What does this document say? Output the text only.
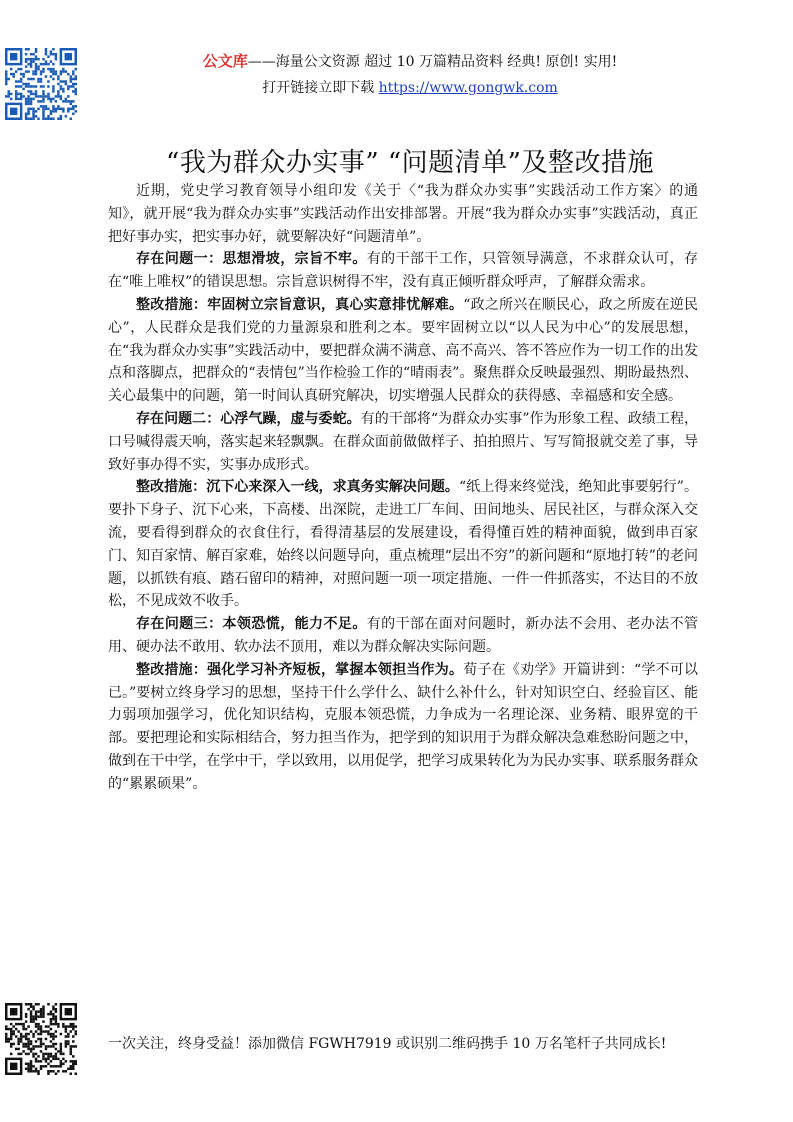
公文库——海量公文资源 超过 10 万篇精品资料 经典! 原创! 实用!
打开链接立即下载 https://www.gongwk.com
“我为群众办实事” “问题清单”及整改措施

近期，党史学习教育领导小组印发《关于〈“我为群众办实事”实践活动工作方案〉的通知》，就开展“我为群众办实事”实践活动作出安排部署。开展“我为群众办实事”实践活动，真正把好事办实，把实事办好，就要解决好“问题清单”。

存在问题一：思想滑坡，宗旨不牢。有的干部干工作，只管领导满意，不求群众认可，存在“唯上唯权”的错误思想。宗旨意识树得不牢，没有真正倾听群众呼声，了解群众需求。

整改措施：牢固树立宗旨意识，真心实意排忧解难。“政之所兴在顺民心，政之所废在逆民心”，人民群众是我们党的力量源泉和胜利之本。要牢固树立以“以人民为中心”的发展思想，在“我为群众办实事”实践活动中，要把群众满不满意、高不高兴、答不答应作为一切工作的出发点和落脚点，把群众的“表情包”当作检验工作的“晴雨表”。聚焦群众反映最强烈、期盼最热烈、关心最集中的问题，第一时间认真研究解决，切实增强人民群众的获得感、幸福感和安全感。

存在问题二：心浮气躁，虚与委蛇。有的干部将“为群众办实事”作为形象工程、政绩工程，口号喊得震天响，落实起来轻飘飘。在群众面前做做样子、拍拍照片、写写简报就交差了事，导致好事办得不实，实事办成形式。

整改措施：沉下心来深入一线，求真务实解决问题。“纸上得来终觉浅，绝知此事要躬行”。要扑下身子、沉下心来，下高楼、出深院，走进工厂车间、田间地头、居民社区，与群众深入交流，要看得到群众的衣食住行，看得清基层的发展建设，看得懂百姓的精神面貌，做到串百家门、知百家情、解百家难，始终以问题导向，重点梳理“层出不穷”的新问题和“原地打转”的老问题，以抓铁有痕、踏石留印的精神，对照问题一项一项定措施、一件一件抓落实，不达目的不放松，不见成效不收手。

存在问题三：本领恐慌，能力不足。有的干部在面对问题时，新办法不会用、老办法不管用、硬办法不敢用、软办法不顶用，难以为群众解决实际问题。

整改措施：强化学习补齐短板，掌握本领担当作为。荀子在《劝学》开篇讲到：“学不可以已。”要树立终身学习的思想，坚持干什么学什么、缺什么补什么，针对知识空白、经验盲区、能力弱项加强学习，优化知识结构，克服本领恐慌，力争成为一名理论深、业务精、眼界宽的干部。要把理论和实际相结合，努力担当作为，把学到的知识用于为群众解决急难愁盼问题之中，做到在干中学，在学中干，学以致用，以用促学，把学习成果转化为为民办实事、联系服务群众的“累累硕果”。

一次关注，终身受益！添加微信 FGWH7919 或识别二维码携手 10 万名笔杆子共同成长!
